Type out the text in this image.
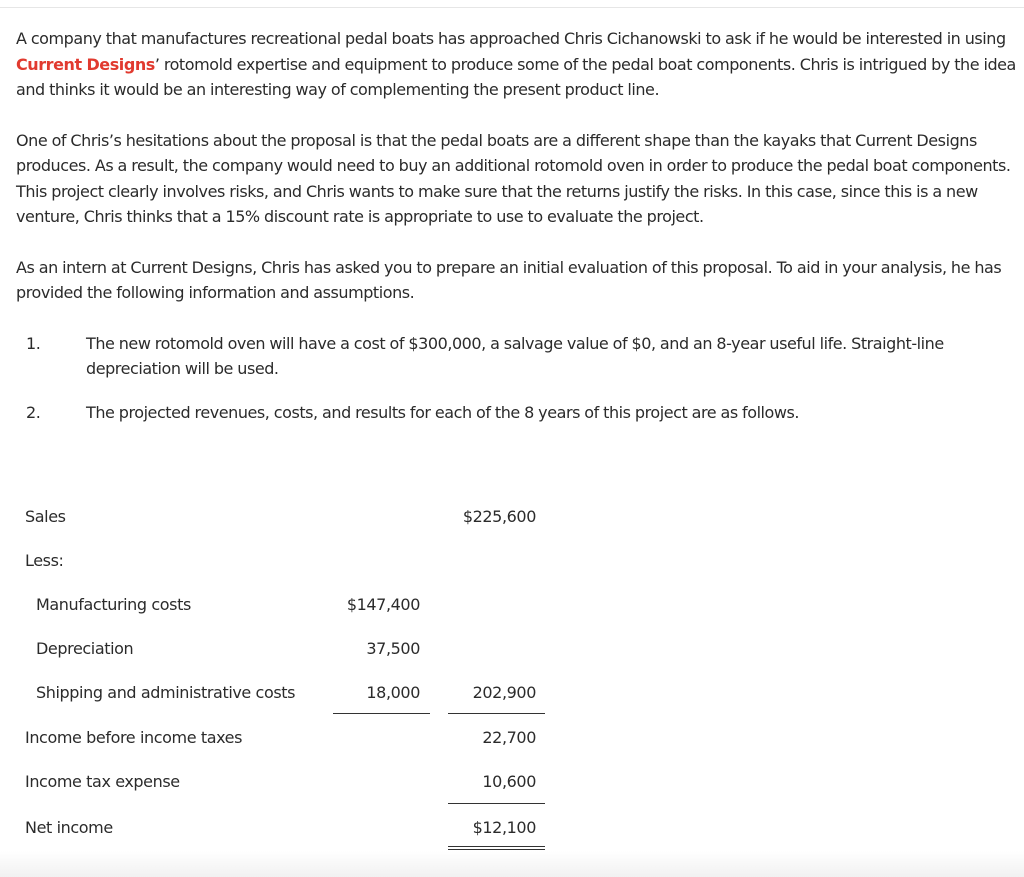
A company that manufactures recreational pedal boats has approached Chris Cichanowski to ask if he would be interested in using Current Designs’ rotomold expertise and equipment to produce some of the pedal boat components. Chris is intrigued by the idea and thinks it would be an interesting way of complementing the present product line.

One of Chris’s hesitations about the proposal is that the pedal boats are a different shape than the kayaks that Current Designs produces. As a result, the company would need to buy an additional rotomold oven in order to produce the pedal boat components. This project clearly involves risks, and Chris wants to make sure that the returns justify the risks. In this case, since this is a new venture, Chris thinks that a 15% discount rate is appropriate to use to evaluate the project.

As an intern at Current Designs, Chris has asked you to prepare an initial evaluation of this proposal. To aid in your analysis, he has provided the following information and assumptions.

1.	The new rotomold oven will have a cost of $300,000, a salvage value of $0, and an 8-year useful life. Straight-line depreciation will be used.
2.	The projected revenues, costs, and results for each of the 8 years of this project are as follows.
Sales	$225,600
Less:
Manufacturing costs	$147,400
Depreciation	37,500
Shipping and administrative costs	18,000	202,900
Income before income taxes	22,700
Income tax expense	10,600
Net income	$12,100
